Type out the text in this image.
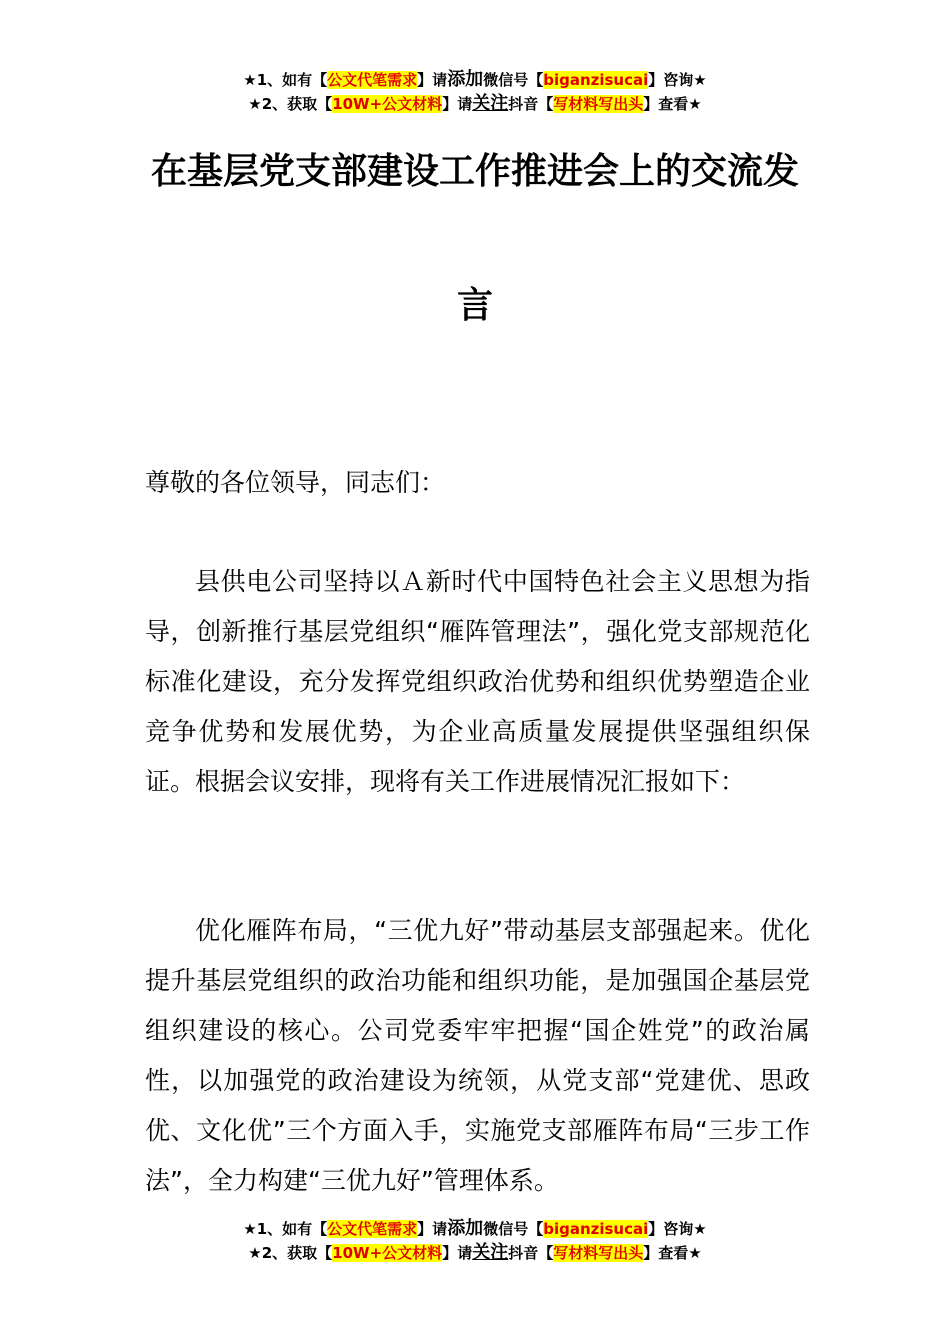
★1、如有【公文代笔需求】请添加微信号【biganzisucai】咨询★
★2、获取【10W+公文材料】请关注抖音【写材料写出头】查看★
在基层党支部建设工作推进会上的交流发
言

尊敬的各位领导，同志们：

县供电公司坚持以Ａ新时代中国特色社会主义思想为指导，创新推行基层党组织“雁阵管理法”，强化党支部规范化标准化建设，充分发挥党组织政治优势和组织优势塑造企业竞争优势和发展优势，为企业高质量发展提供坚强组织保证。根据会议安排，现将有关工作进展情况汇报如下：

优化雁阵布局，“三优九好”带动基层支部强起来。优化提升基层党组织的政治功能和组织功能，是加强国企基层党组织建设的核心。公司党委牢牢把握“国企姓党”的政治属性，以加强党的政治建设为统领，从党支部“党建优、思政优、文化优”三个方面入手，实施党支部雁阵布局“三步工作法”，全力构建“三优九好”管理体系。

★1、如有【公文代笔需求】请添加微信号【biganzisucai】咨询★
★2、获取【10W+公文材料】请关注抖音【写材料写出头】查看★
